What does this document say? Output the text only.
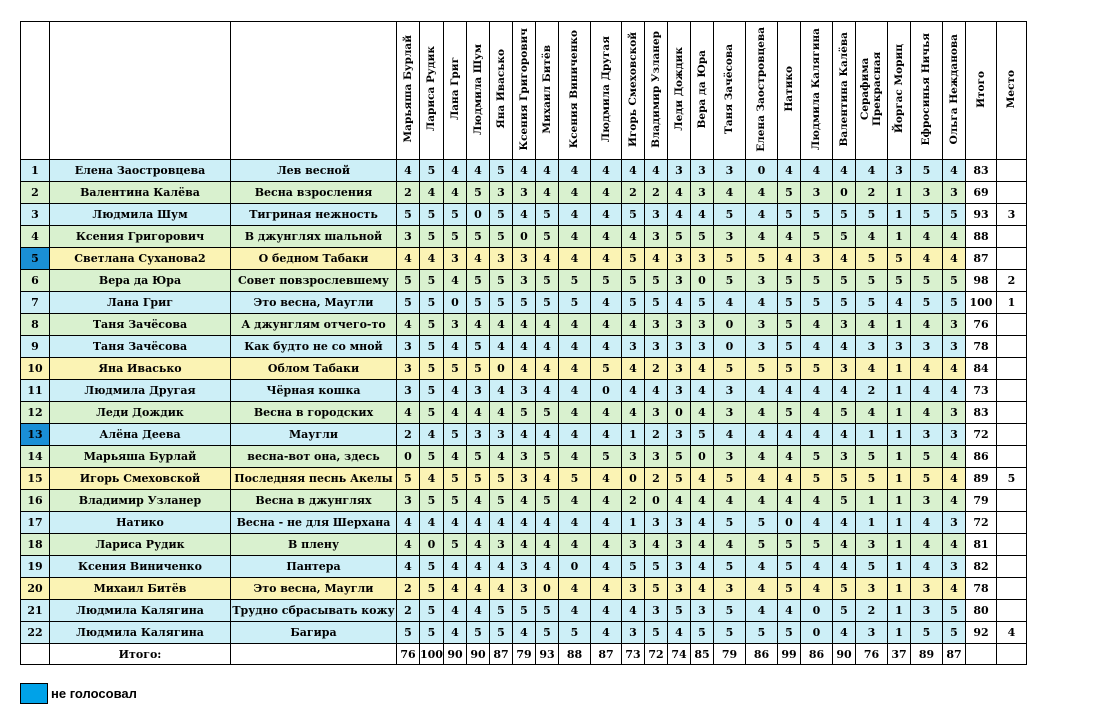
			Марьяша Бурлай	Лариса Рудик	Лана Григ	Людмила Шум	Яна Ивасько	Ксения Григорович	Михаил Битёв	Ксения Виниченко	Людмила Другая	Игорь Смеховской	Владимир Узланер	Леди Дождик	Вера да Юра	Таня Зачёсова	Елена Заостровцева	Натико	Людмила Калягина	Валентина Калёва	Серафима Прекрасная	Йоргас Мориц	Ефросинья Ничья	Ольга Нежданова	Итого	Место
1	Елена Заостровцева	Лев весной	4	5	4	4	5	4	4	4	4	4	4	3	3	3	0	4	4	4	4	3	5	4	83	
2	Валентина Калёва	Весна взросления	2	4	4	5	3	3	4	4	4	2	2	4	3	4	4	5	3	0	2	1	3	3	69	
3	Людмила Шум	Тигриная нежность	5	5	5	0	5	4	5	4	4	5	3	4	4	5	4	5	5	5	5	1	5	5	93	3
4	Ксения Григорович	В джунглях шальной	3	5	5	5	5	0	5	4	4	4	3	5	5	3	4	4	5	5	4	1	4	4	88	
5	Светлана Суханова2	О бедном Табаки	4	4	3	4	3	3	4	4	4	5	4	3	3	5	5	4	3	4	5	5	4	4	87	
6	Вера да Юра	Совет повзрослевшему	5	5	4	5	5	3	5	5	5	5	5	3	0	5	3	5	5	5	5	5	5	5	98	2
7	Лана Григ	Это весна, Маугли	5	5	0	5	5	5	5	5	4	5	5	4	5	4	4	5	5	5	5	4	5	5	100	1
8	Таня Зачёсова	А джунглям отчего-то	4	5	3	4	4	4	4	4	4	4	3	3	3	0	3	5	4	3	4	1	4	3	76	
9	Таня Зачёсова	Как будто не со мной	3	5	4	5	4	4	4	4	4	3	3	3	3	0	3	5	4	4	3	3	3	3	78	
10	Яна Ивасько	Облом Табаки	3	5	5	5	0	4	4	4	5	4	2	3	4	5	5	5	5	3	4	1	4	4	84	
11	Людмила Другая	Чёрная кошка	3	5	4	3	4	3	4	4	0	4	4	3	4	3	4	4	4	4	2	1	4	4	73	
12	Леди Дождик	Весна в городских	4	5	4	4	4	5	5	4	4	4	3	0	4	3	4	5	4	5	4	1	4	3	83	
13	Алёна Деева	Маугли	2	4	5	3	3	4	4	4	4	1	2	3	5	4	4	4	4	4	1	1	3	3	72	
14	Марьяша Бурлай	весна-вот она, здесь	0	5	4	5	4	3	5	4	5	3	3	5	0	3	4	4	5	3	5	1	5	4	86	
15	Игорь Смеховской	Последняя песнь Акелы	5	4	5	5	5	3	4	5	4	0	2	5	4	5	4	4	5	5	5	1	5	4	89	5
16	Владимир Узланер	Весна в джунглях	3	5	5	4	5	4	5	4	4	2	0	4	4	4	4	4	4	5	1	1	3	4	79	
17	Натико	Весна - не для Шерхана	4	4	4	4	4	4	4	4	4	1	3	3	4	5	5	0	4	4	1	1	4	3	72	
18	Лариса Рудик	В плену	4	0	5	4	3	4	4	4	4	3	4	3	4	4	5	5	5	4	3	1	4	4	81	
19	Ксения Виниченко	Пантера	4	5	4	4	4	3	4	0	4	5	5	3	4	5	4	5	4	4	5	1	4	3	82	
20	Михаил Битёв	Это весна, Маугли	2	5	4	4	4	3	0	4	4	3	5	3	4	3	4	5	4	5	3	1	3	4	78	
21	Людмила Калягина	Трудно сбрасывать кожу	2	5	4	4	5	5	5	4	4	4	3	5	3	5	4	4	0	5	2	1	3	5	80	
22	Людмила Калягина	Багира	5	5	4	5	5	4	5	5	4	3	5	4	5	5	5	5	0	4	3	1	5	5	92	4
	Итого:		76	100	90	90	87	79	93	88	87	73	72	74	85	79	86	99	86	90	76	37	89	87		
не голосовал
